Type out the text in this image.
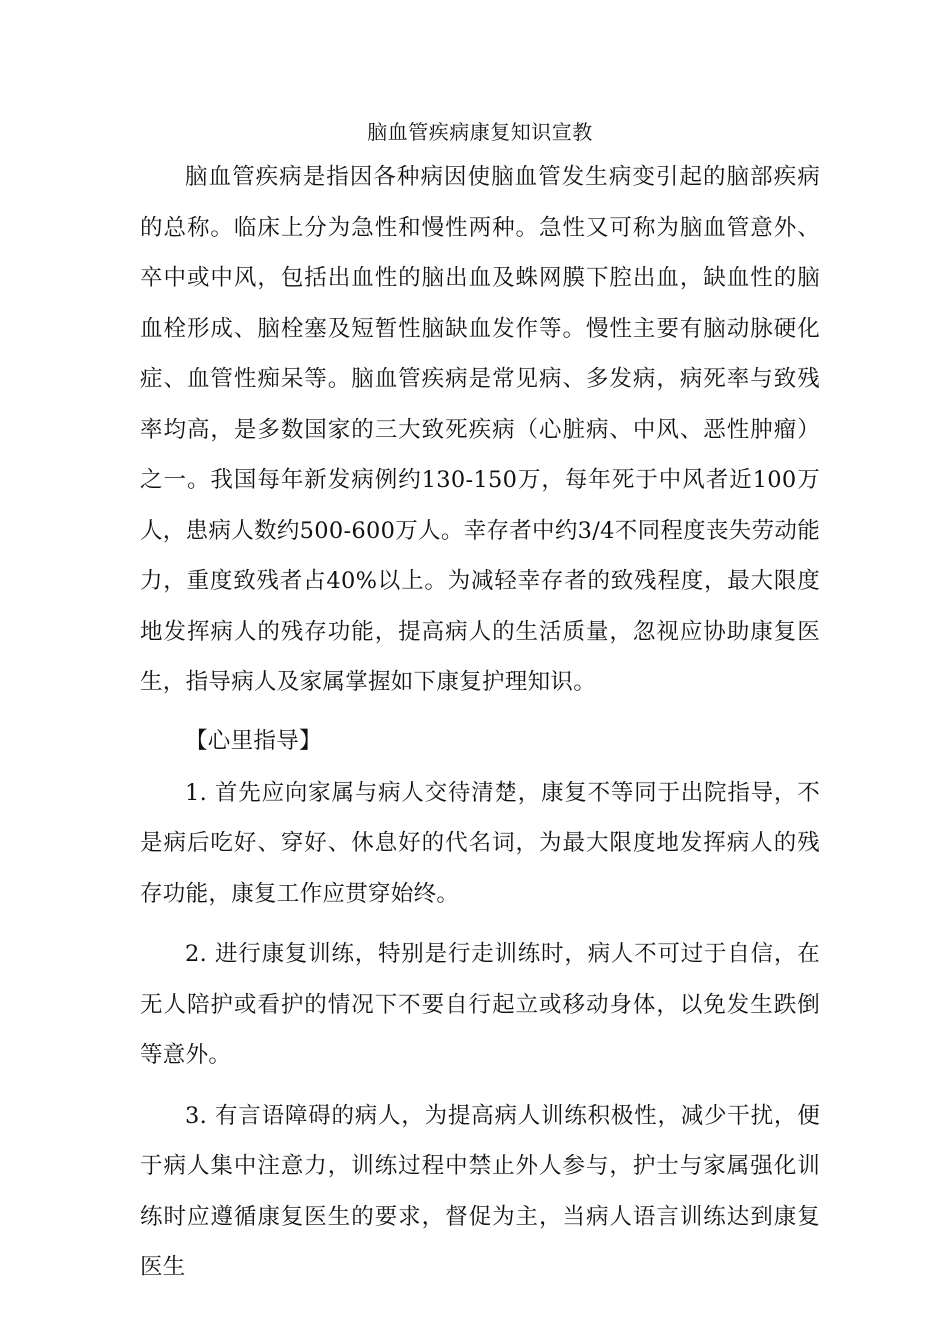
脑血管疾病康复知识宣教

脑血管疾病是指因各种病因使脑血管发生病变引起的脑部疾病的总称。临床上分为急性和慢性两种。急性又可称为脑血管意外、卒中或中风，包括出血性的脑出血及蛛网膜下腔出血，缺血性的脑血栓形成、脑栓塞及短暂性脑缺血发作等。慢性主要有脑动脉硬化症、血管性痴呆等。脑血管疾病是常见病、多发病，病死率与致残率均高，是多数国家的三大致死疾病（心脏病、中风、恶性肿瘤）之一。我国每年新发病例约130-150万，每年死于中风者近100万人，患病人数约500-600万人。幸存者中约3/4不同程度丧失劳动能力，重度致残者占40%以上。为减轻幸存者的致残程度，最大限度地发挥病人的残存功能，提高病人的生活质量，忽视应协助康复医生，指导病人及家属掌握如下康复护理知识。

【心里指导】

1. 首先应向家属与病人交待清楚，康复不等同于出院指导，不是病后吃好、穿好、休息好的代名词，为最大限度地发挥病人的残存功能，康复工作应贯穿始终。

2. 进行康复训练，特别是行走训练时，病人不可过于自信，在无人陪护或看护的情况下不要自行起立或移动身体，以免发生跌倒等意外。

3. 有言语障碍的病人，为提高病人训练积极性，减少干扰，便于病人集中注意力，训练过程中禁止外人参与，护士与家属强化训练时应遵循康复医生的要求，督促为主，当病人语言训练达到康复医生
